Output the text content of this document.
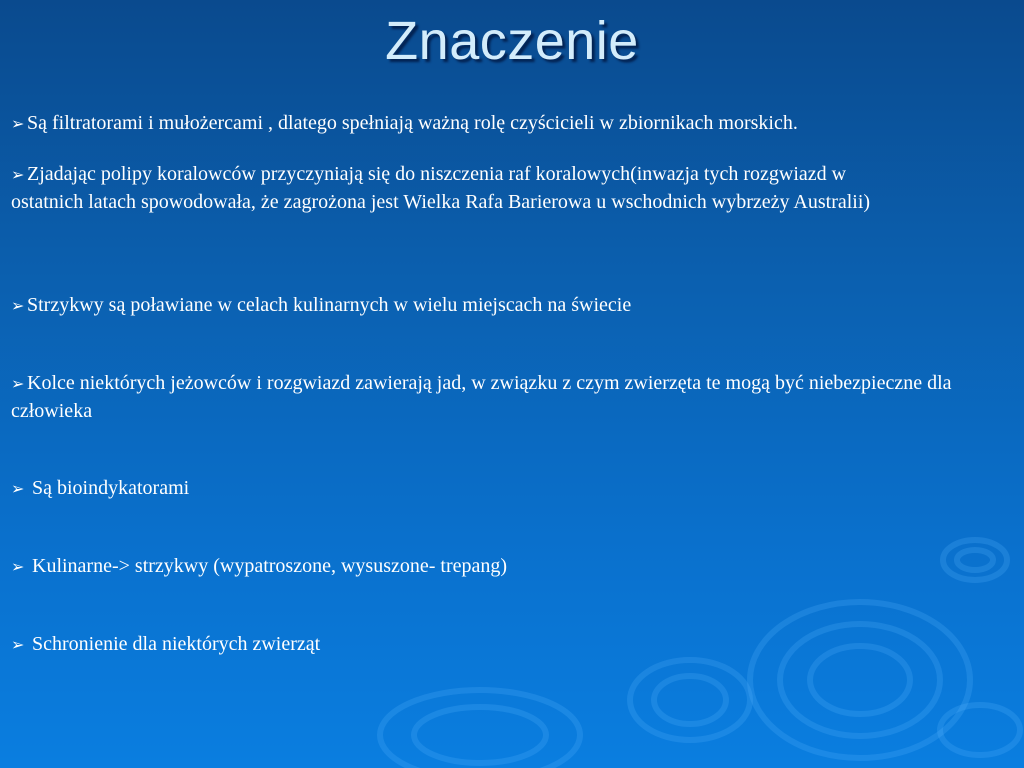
Znaczenie
➢ Są filtratorami i mułożercami , dlatego spełniają ważną rolę czyścicieli w zbiornikach morskich.
➢ Zjadając polipy koralowców przyczyniają się do niszczenia raf koralowych(inwazja tych rozgwiazd w ostatnich latach spowodowała, że zagrożona jest Wielka Rafa Barierowa u wschodnich wybrzeży Australii)
➢ Strzykwy są poławiane w celach kulinarnych w wielu miejscach na świecie
➢ Kolce niektórych jeżowców i rozgwiazd zawierają jad, w związku z czym zwierzęta te mogą być niebezpieczne dla człowieka
➢ Są bioindykatorami
➢ Kulinarne-> strzykwy (wypatroszone, wysuszone- trepang)
➢ Schronienie dla niektórych zwierząt
